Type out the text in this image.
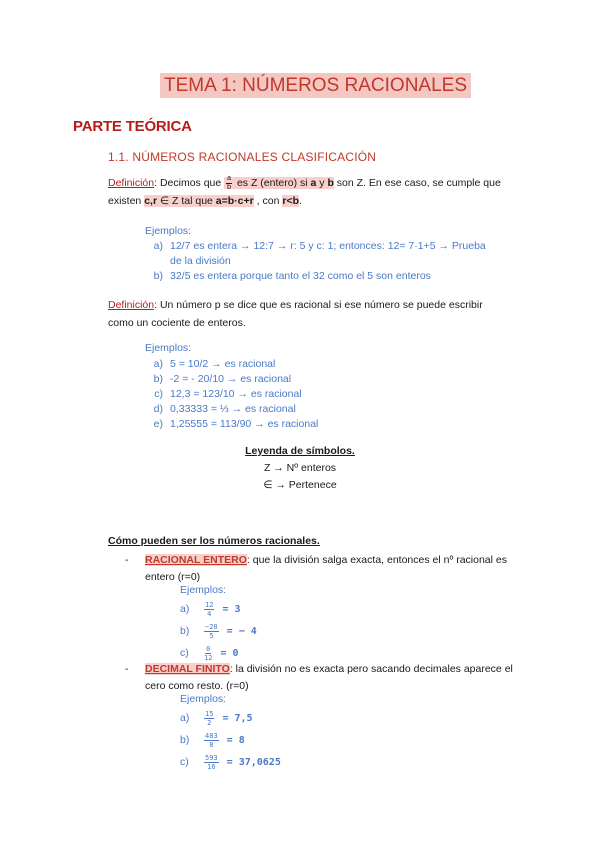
TEMA 1: NÚMEROS RACIONALES
PARTE TEÓRICA
1.1. NÚMEROS RACIONALES CLASIFICACIÓN
Definición: Decimos que $\frac{a}{b}$ es Z (entero) si a y b son Z. En ese caso, se cumple que
existen c,r ∈ Z tal que a=b·c+r , con r<b.
Ejemplos:
a) 12/7 es entera → 12:7 → r: 5 y c: 1; entonces: 12= 7·1+5 → Prueba
de la división
b) 32/5 es entera porque tanto el 32 como el 5 son enteros
Definición: Un número p se dice que es racional si ese número se puede escribir
como un cociente de enteros.
Ejemplos:
a) 5 = 10/2 → es racional
b) -2 = - 20/10 → es racional
c) 12,3 = 123/10 → es racional
d) 0,33333 = ⅓ → es racional
e) 1,25555 = 113/90 → es racional
Leyenda de símbolos.
Z → Nº enteros
∈ → Pertenece
Cómo pueden ser los números racionales.
-	RACIONAL ENTERO: que la división salga exacta, entonces el nº racional es
entero (r=0)
Ejemplos:
a)	$\frac{12}{4} = 3$
b)	$\frac{-20}{5}$ = − 4
c)	$\frac{0}{12} = 0$
-	DECIMAL FINITO: la división no es exacta pero sacando decimales aparece el
cero como resto. (r=0)
Ejemplos:
a)	$\frac{15}{2} = 7,5$
b)	$\frac{483}{8} = 8$
c)	$\frac{593}{16} = 37,0625$
